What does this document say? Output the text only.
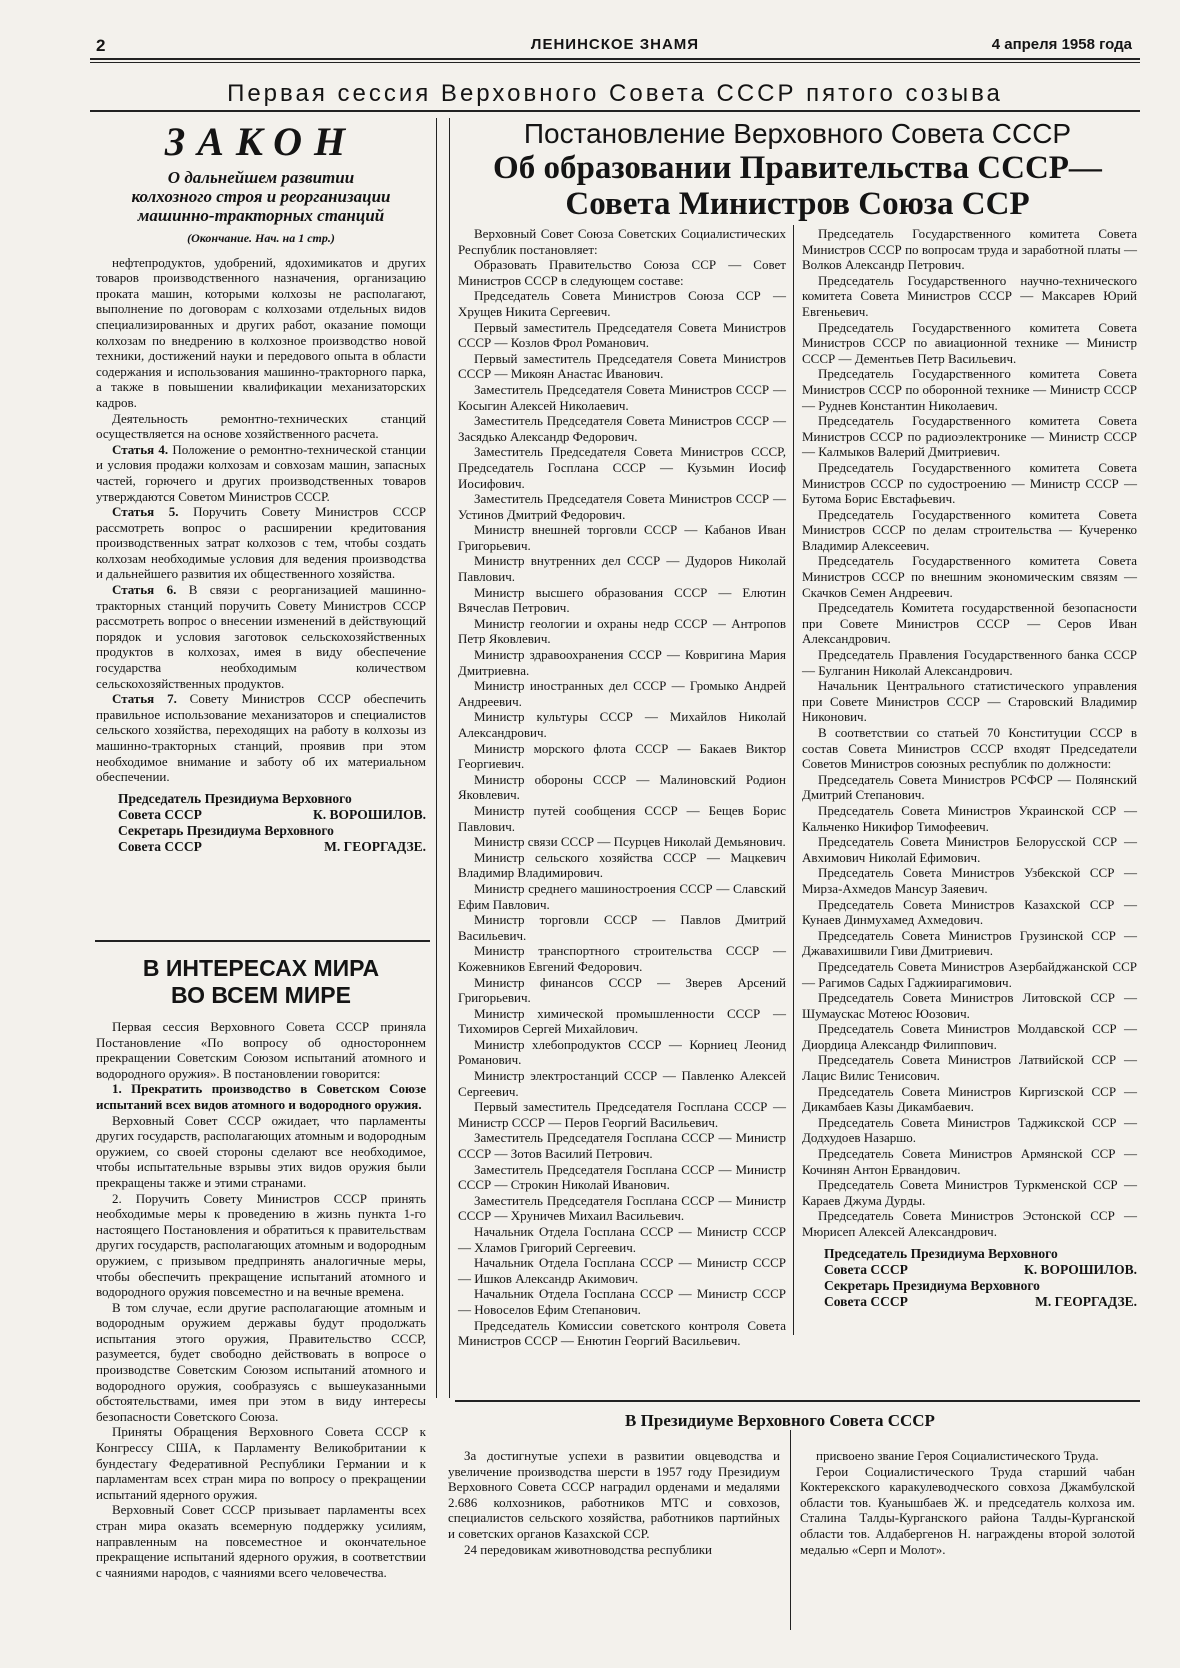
2	ЛЕНИНСКОЕ ЗНАМЯ	4 апреля 1958 года
Первая сессия Верховного Совета СССР пятого созыва
ЗАКОН
О дальнейшем развитии
колхозного строя и реорганизации
машинно-тракторных станций
(Окончание. Нач. на 1 стр.)

нефтепродуктов, удобрений, ядохимикатов и других товаров производственного назначения, организацию проката машин, которыми колхозы не располагают, выполнение по договорам с колхозами отдельных видов специализированных и других работ, оказание помощи колхозам по внедрению в колхозное производство новой техники, достижений науки и передового опыта в области содержания и использования машинно-тракторного парка, а также в повышении квалификации механизаторских кадров.

Деятельность ремонтно-технических станций осуществляется на основе хозяйственного расчета.

Статья 4. Положение о ремонтно-технической станции и условия продажи колхозам и совхозам машин, запасных частей, горючего и других производственных товаров утверждаются Советом Министров СССР.

Статья 5. Поручить Совету Министров СССР рассмотреть вопрос о расширении кредитования производственных затрат колхозов с тем, чтобы создать колхозам необходимые условия для ведения производства и дальнейшего развития их общественного хозяйства.

Статья 6. В связи с реорганизацией машинно-тракторных станций поручить Совету Министров СССР рассмотреть вопрос о внесении изменений в действующий порядок и условия заготовок сельскохозяйственных продуктов в колхозах, имея в виду обеспечение государства необходимым количеством сельскохозяйственных продуктов.

Статья 7. Совету Министров СССР обеспечить правильное использование механизаторов и специалистов сельского хозяйства, переходящих на работу в колхозы из машинно-тракторных станций, проявив при этом необходимое внимание и заботу об их материальном обеспечении.

Председатель Президиума Верховного
Совета СССР	К. ВОРОШИЛОВ.
Секретарь Президиума Верховного
Совета СССР	М. ГЕОРГАДЗЕ.
В ИНТЕРЕСАХ МИРА
ВО ВСЕМ МИРЕ

Первая сессия Верховного Совета СССР приняла Постановление «По вопросу об одностороннем прекращении Советским Союзом испытаний атомного и водородного оружия». В постановлении говорится:

1. Прекратить производство в Советском Союзе испытаний всех видов атомного и водородного оружия.

Верховный Совет СССР ожидает, что парламенты других государств, располагающих атомным и водородным оружием, со своей стороны сделают все необходимое, чтобы испытательные взрывы этих видов оружия были прекращены также и этими странами.

2. Поручить Совету Министров СССР принять необходимые меры к проведению в жизнь пункта 1-го настоящего Постановления и обратиться к правительствам других государств, располагающих атомным и водородным оружием, с призывом предпринять аналогичные меры, чтобы обеспечить прекращение испытаний атомного и водородного оружия повсеместно и на вечные времена.

В том случае, если другие располагающие атомным и водородным оружием державы будут продолжать испытания этого оружия, Правительство СССР, разумеется, будет свободно действовать в вопросе о производстве Советским Союзом испытаний атомного и водородного оружия, сообразуясь с вышеуказанными обстоятельствами, имея при этом в виду интересы безопасности Советского Союза.

Приняты Обращения Верховного Совета СССР к Конгрессу США, к Парламенту Великобритании к бундестагу Федеративной Республики Германии и к парламентам всех стран мира по вопросу о прекращении испытаний ядерного оружия.

Верховный Совет СССР призывает парламенты всех стран мира оказать всемерную поддержку усилиям, направленным на повсеместное и окончательное прекращение испытаний ядерного оружия, в соответствии с чаяниями народов, с чаяниями всего человечества.

Постановление Верховного Совета СССР
Об образовании Правительства СССР—
Совета Министров Союза ССР

Верховный Совет Союза Советских Социалистических Республик постановляет:

Образовать Правительство Союза ССР — Совет Министров СССР в следующем составе:

Председатель Совета Министров Союза ССР — Хрущев Никита Сергеевич.

Первый заместитель Председателя Совета Министров СССР — Козлов Фрол Романович.

Первый заместитель Председателя Совета Министров СССР — Микоян Анастас Иванович.

Заместитель Председателя Совета Министров СССР — Косыгин Алексей Николаевич.

Заместитель Председателя Совета Министров СССР — Засядько Александр Федорович.

Заместитель Председателя Совета Министров СССР, Председатель Госплана СССР — Кузьмин Иосиф Иосифович.

Заместитель Председателя Совета Министров СССР — Устинов Дмитрий Федорович.

Министр внешней торговли СССР — Кабанов Иван Григорьевич.

Министр внутренних дел СССР — Дудоров Николай Павлович.

Министр высшего образования СССР — Елютин Вячеслав Петрович.

Министр геологии и охраны недр СССР — Антропов Петр Яковлевич.

Министр здравоохранения СССР — Ковригина Мария Дмитриевна.

Министр иностранных дел СССР — Громыко Андрей Андреевич.

Министр культуры СССР — Михайлов Николай Александрович.

Министр морского флота СССР — Бакаев Виктор Георгиевич.

Министр обороны СССР — Малиновский Родион Яковлевич.

Министр путей сообщения СССР — Бещев Борис Павлович.

Министр связи СССР — Псурцев Николай Демьянович.

Министр сельского хозяйства СССР — Мацкевич Владимир Владимирович.

Министр среднего машиностроения СССР — Славский Ефим Павлович.

Министр торговли СССР — Павлов Дмитрий Васильевич.

Министр транспортного строительства СССР — Кожевников Евгений Федорович.

Министр финансов СССР — Зверев Арсений Григорьевич.

Министр химической промышленности СССР — Тихомиров Сергей Михайлович.

Министр хлебопродуктов СССР — Корниец Леонид Романович.

Министр электростанций СССР — Павленко Алексей Сергеевич.

Первый заместитель Председателя Госплана СССР — Министр СССР — Перов Георгий Васильевич.

Заместитель Председателя Госплана СССР — Министр СССР — Зотов Василий Петрович.

Заместитель Председателя Госплана СССР — Министр СССР — Строкин Николай Иванович.

Заместитель Председателя Госплана СССР — Министр СССР — Хруничев Михаил Васильевич.

Начальник Отдела Госплана СССР — Министр СССР — Хламов Григорий Сергеевич.

Начальник Отдела Госплана СССР — Министр СССР — Ишков Александр Акимович.

Начальник Отдела Госплана СССР — Министр СССР — Новоселов Ефим Степанович.

Председатель Комиссии советского контроля Совета Министров СССР — Енютин Георгий Васильевич.

Председатель Государственного комитета Совета Министров СССР по вопросам труда и заработной платы — Волков Александр Петрович.

Председатель Государственного научно-технического комитета Совета Министров СССР — Максарев Юрий Евгеньевич.

Председатель Государственного комитета Совета Министров СССР по авиационной технике — Министр СССР — Дементьев Петр Васильевич.

Председатель Государственного комитета Совета Министров СССР по оборонной технике — Министр СССР — Руднев Константин Николаевич.

Председатель Государственного комитета Совета Министров СССР по радиоэлектронике — Министр СССР — Калмыков Валерий Дмитриевич.

Председатель Государственного комитета Совета Министров СССР по судостроению — Министр СССР — Бутома Борис Евстафьевич.

Председатель Государственного комитета Совета Министров СССР по делам строительства — Кучеренко Владимир Алексеевич.

Председатель Государственного комитета Совета Министров СССР по внешним экономическим связям — Скачков Семен Андреевич.

Председатель Комитета государственной безопасности при Совете Министров СССР — Серов Иван Александрович.

Председатель Правления Государственного банка СССР — Булганин Николай Александрович.

Начальник Центрального статистического управления при Совете Министров СССР — Старовский Владимир Никонович.

В соответствии со статьей 70 Конституции СССР в состав Совета Министров СССР входят Председатели Советов Министров союзных республик по должности:

Председатель Совета Министров РСФСР — Полянский Дмитрий Степанович.

Председатель Совета Министров Украинской ССР — Кальченко Никифор Тимофеевич.

Председатель Совета Министров Белорусской ССР — Авхимович Николай Ефимович.

Председатель Совета Министров Узбекской ССР — Мирза-Ахмедов Мансур Заяевич.

Председатель Совета Министров Казахской ССР — Кунаев Динмухамед Ахмедович.

Председатель Совета Министров Грузинской ССР — Джавахишвили Гиви Дмитриевич.

Председатель Совета Министров Азербайджанской ССР — Рагимов Садых Гаджиирагимович.

Председатель Совета Министров Литовской ССР — Шумаускас Мотеюс Юозович.

Председатель Совета Министров Молдавской ССР — Диордица Александр Филиппович.

Председатель Совета Министров Латвийской ССР — Лацис Вилис Тенисович.

Председатель Совета Министров Киргизской ССР — Дикамбаев Казы Дикамбаевич.

Председатель Совета Министров Таджикской ССР — Додхудоев Назаршо.

Председатель Совета Министров Армянской ССР — Кочинян Антон Ервандович.

Председатель Совета Министров Туркменской ССР — Караев Джума Дурды.

Председатель Совета Министров Эстонской ССР — Мюрисеп Алексей Александрович.

Председатель Президиума Верховного
Совета СССР	К. ВОРОШИЛОВ.
Секретарь Президиума Верховного
Совета СССР	М. ГЕОРГАДЗЕ.
В Президиуме Верховного Совета СССР

За достигнутые успехи в развитии овцеводства и увеличение производства шерсти в 1957 году Президиум Верховного Совета СССР наградил орденами и медалями 2.686 колхозников, работников МТС и совхозов, специалистов сельского хозяйства, работников партийных и советских органов Казахской ССР.

24 передовикам животноводства республики

присвоено звание Героя Социалистического Труда.

Герои Социалистического Труда старший чабан Коктерекского каракулеводческого совхоза Джамбулской области тов. Куанышбаев Ж. и председатель колхоза им. Сталина Талды-Курганского района Талды-Курганской области тов. Алдабергенов Н. награждены второй золотой медалью «Серп и Молот».
